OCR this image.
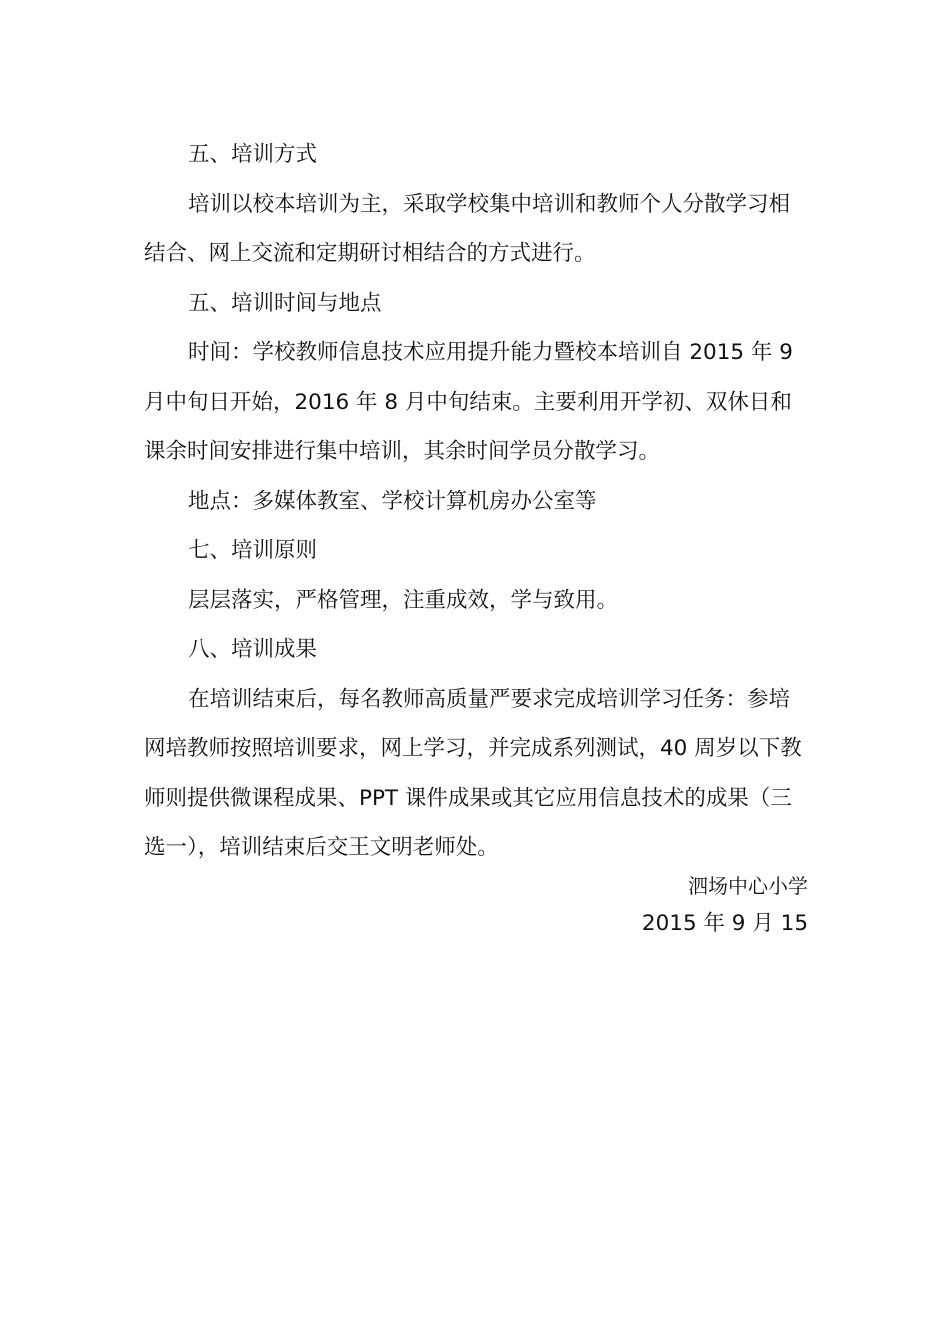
五、培训方式

培训以校本培训为主，采取学校集中培训和教师个人分散学习相结合、网上交流和定期研讨相结合的方式进行。

五、培训时间与地点

时间：学校教师信息技术应用提升能力暨校本培训自 2015 年 9 月中旬日开始，2016 年 8 月中旬结束。主要利用开学初、双休日和课余时间安排进行集中培训，其余时间学员分散学习。

地点：多媒体教室、学校计算机房办公室等

七、培训原则

层层落实，严格管理，注重成效，学与致用。

八、培训成果

在培训结束后，每名教师高质量严要求完成培训学习任务：参培网培教师按照培训要求，网上学习，并完成系列测试，40 周岁以下教师则提供微课程成果、PPT 课件成果或其它应用信息技术的成果（三选一），培训结束后交王文明老师处。

泗场中心小学

2015 年 9 月 15
